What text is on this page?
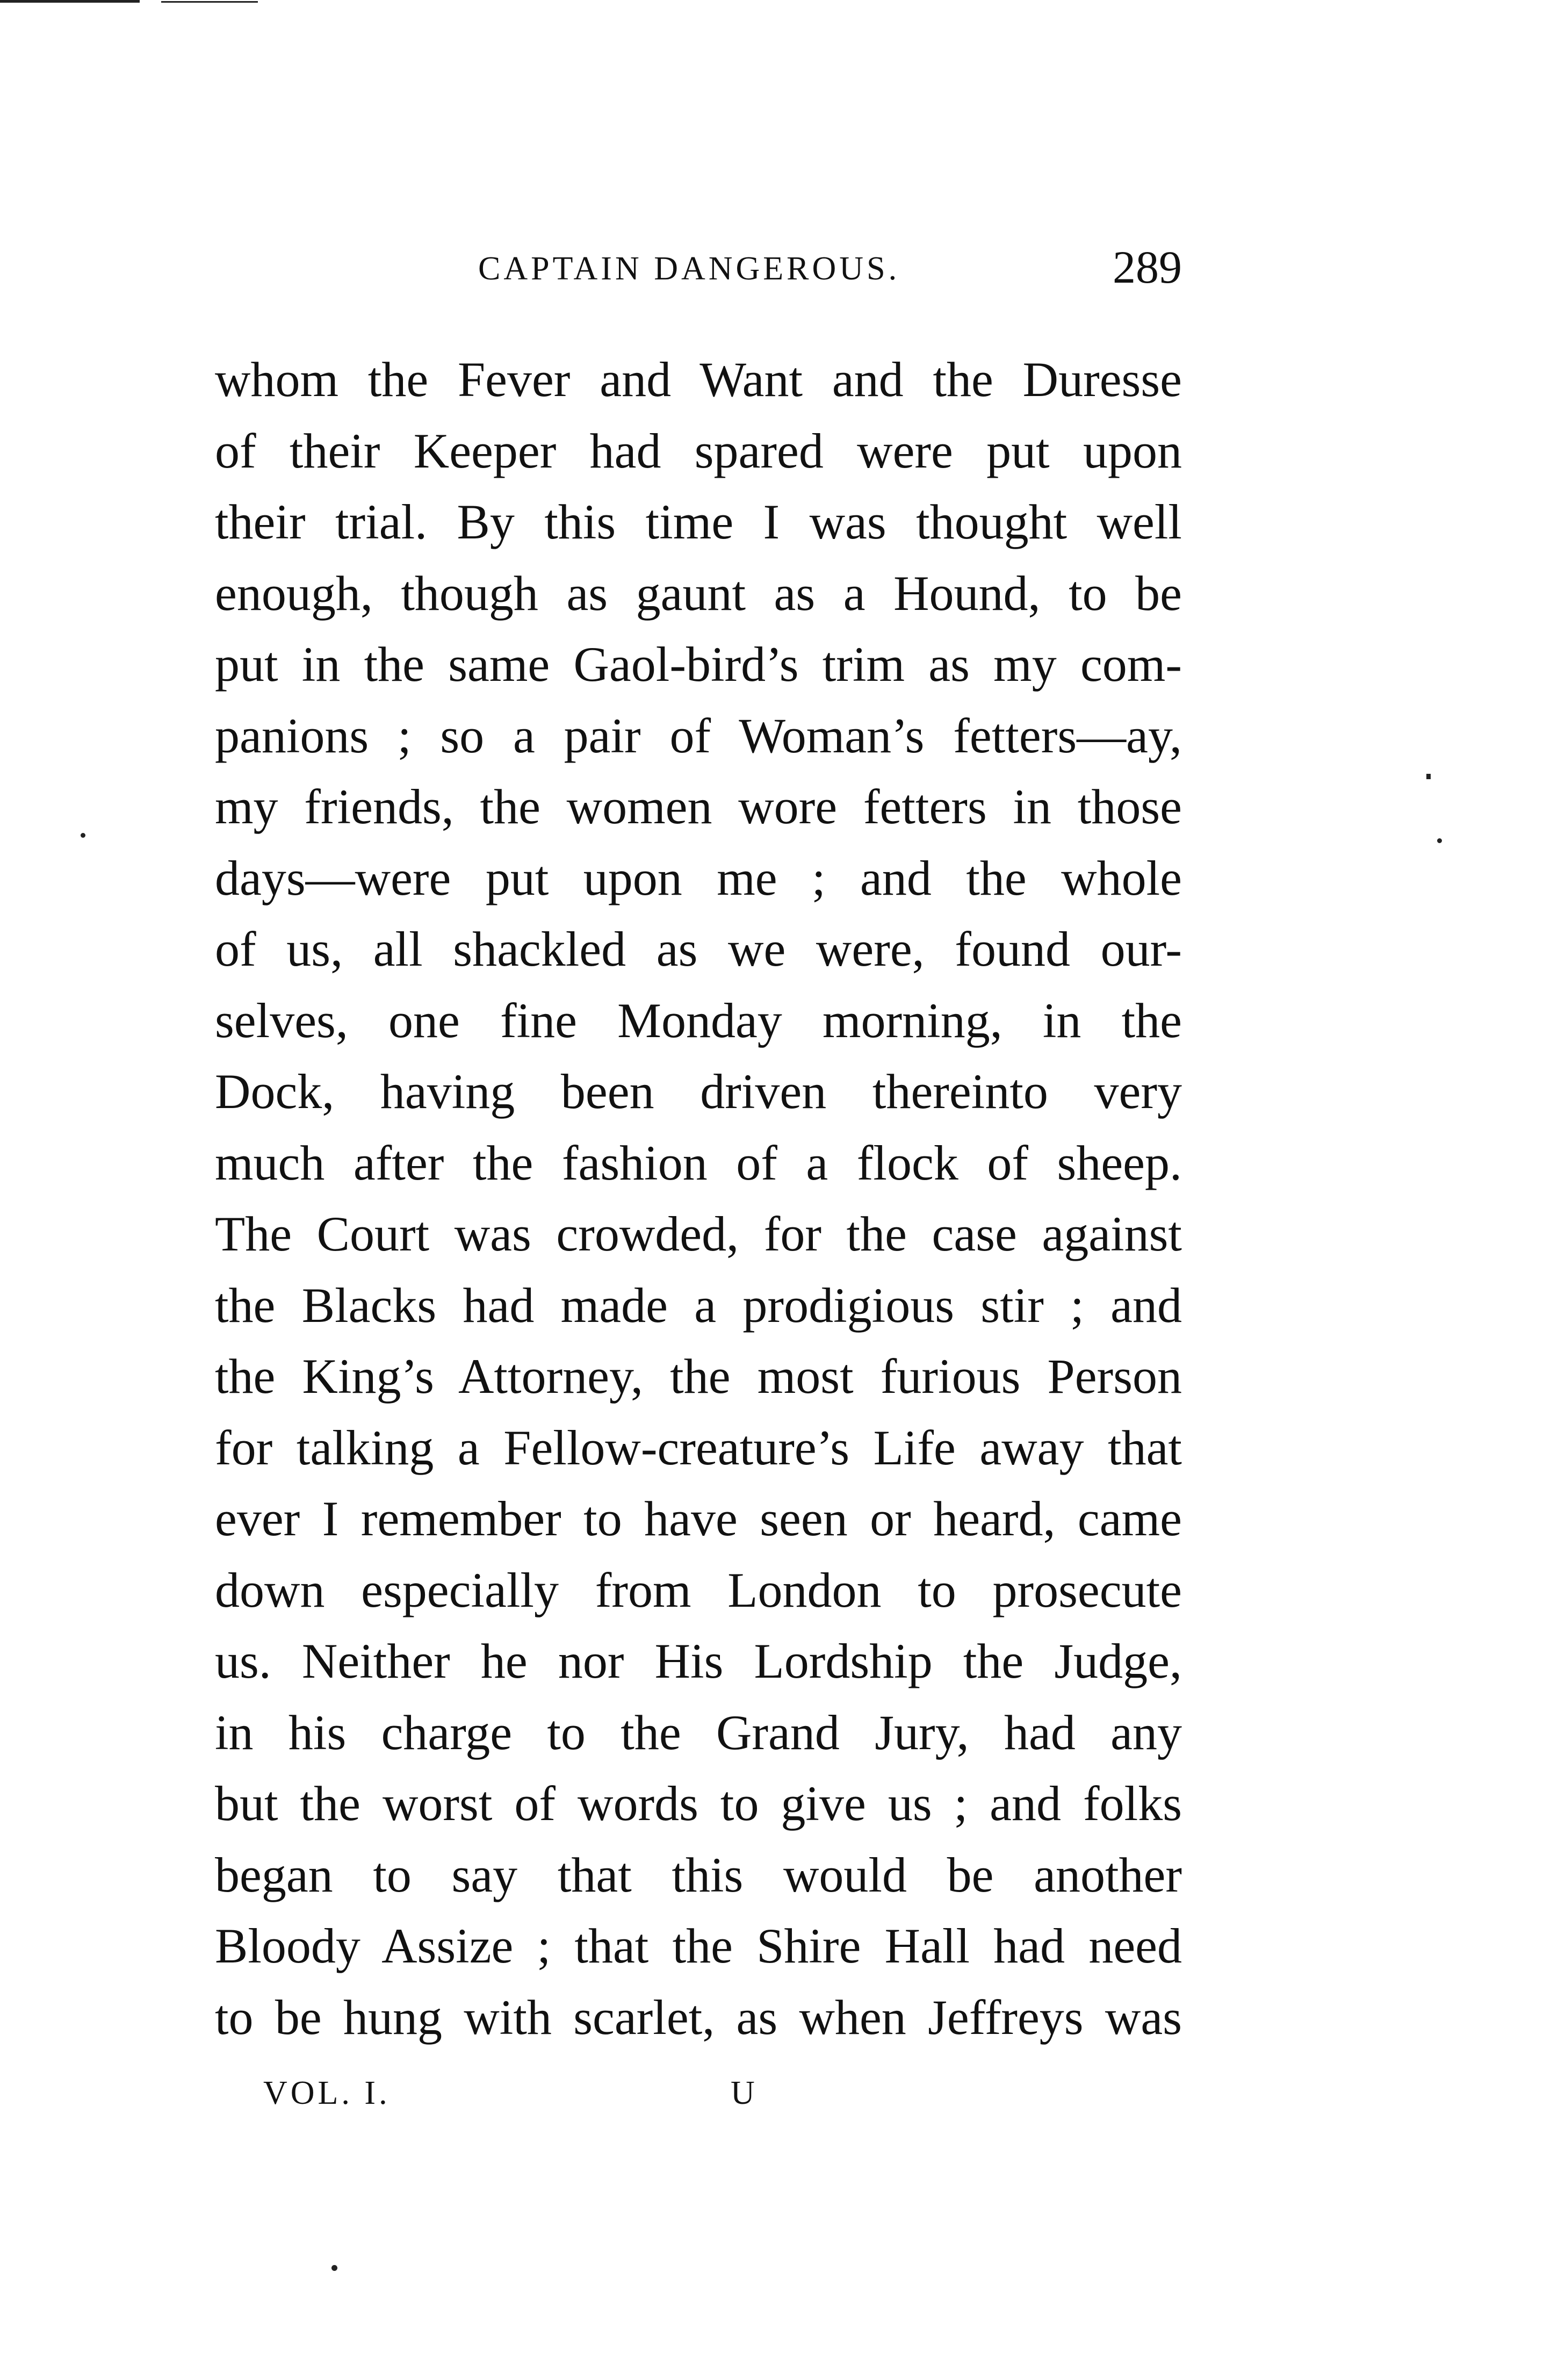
CAPTAIN DANGEROUS.	289
whom the Fever and Want and the Duresse
of their Keeper had spared were put upon
their trial. By this time I was thought well
enough, though as gaunt as a Hound, to be
put in the same Gaol-bird’s trim as my com-
panions ; so a pair of Woman’s fetters—ay,
my friends, the women wore fetters in those
days—were put upon me ; and the whole
of us, all shackled as we were, found our-
selves, one fine Monday morning, in the
Dock, having been driven thereinto very
much after the fashion of a flock of sheep.
The Court was crowded, for the case against
the Blacks had made a prodigious stir ; and
the King’s Attorney, the most furious Person
for talking a Fellow-creature’s Life away that
ever I remember to have seen or heard, came
down especially from London to prosecute
us. Neither he nor His Lordship the Judge,
in his charge to the Grand Jury, had any
but the worst of words to give us ; and folks
began to say that this would be another
Bloody Assize ; that the Shire Hall had need
to be hung with scarlet, as when Jeffreys was
VOL. I.	U
